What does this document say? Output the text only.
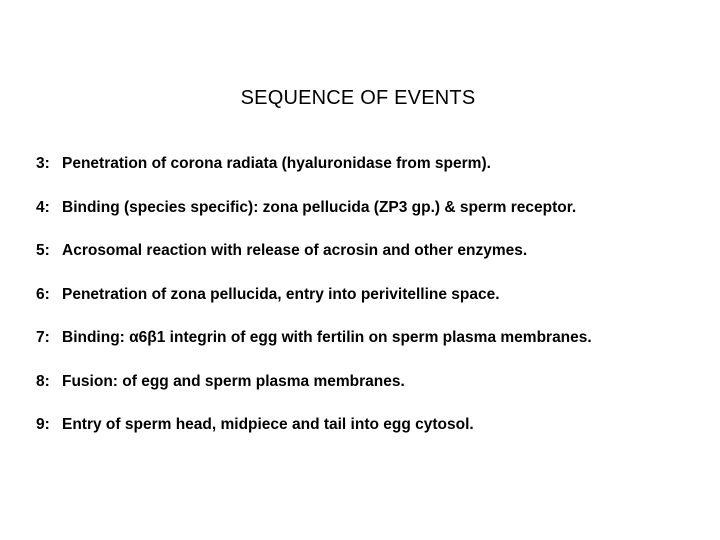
SEQUENCE OF EVENTS
3: Penetration of corona radiata (hyaluronidase from sperm).
4: Binding (species specific): zona pellucida (ZP3 gp.) & sperm receptor.
5: Acrosomal reaction with release of acrosin and other enzymes.
6: Penetration of zona pellucida, entry into perivitelline space.
7: Binding: α6β1 integrin of egg with fertilin on sperm plasma membranes.
8: Fusion: of egg and sperm plasma membranes.
9: Entry of sperm head, midpiece and tail into egg cytosol.
